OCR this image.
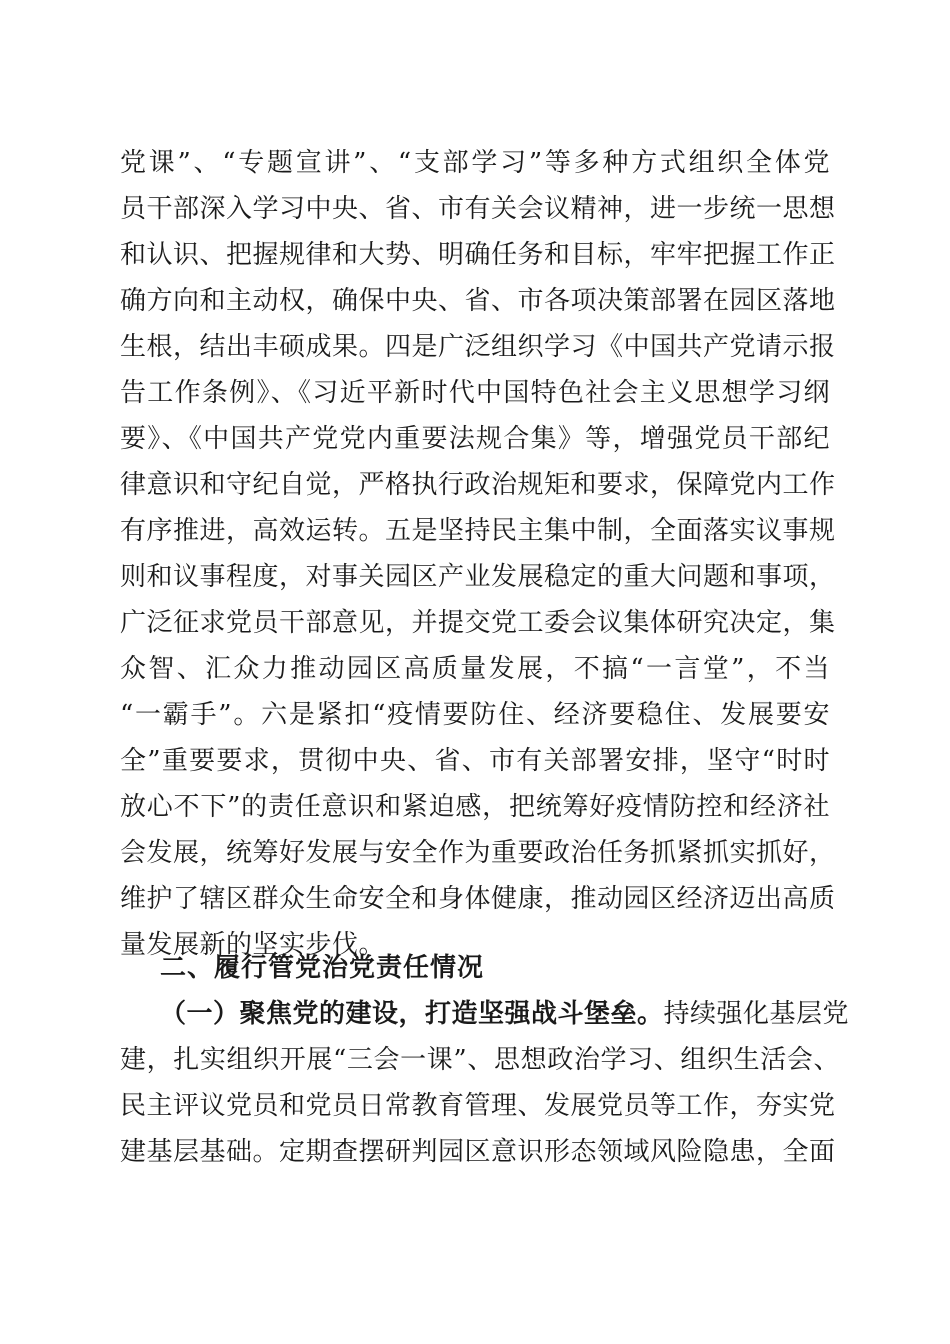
党课”、“专题宣讲”、“支部学习”等多种方式组织全体党
员干部深入学习中央、省、市有关会议精神，进一步统一思想
和认识、把握规律和大势、明确任务和目标，牢牢把握工作正
确方向和主动权，确保中央、省、市各项决策部署在园区落地
生根，结出丰硕成果。四是广泛组织学习《中国共产党请示报
告工作条例》、《习近平新时代中国特色社会主义思想学习纲
要》、《中国共产党党内重要法规合集》等，增强党员干部纪
律意识和守纪自觉，严格执行政治规矩和要求，保障党内工作
有序推进，高效运转。五是坚持民主集中制，全面落实议事规
则和议事程度，对事关园区产业发展稳定的重大问题和事项，
广泛征求党员干部意见，并提交党工委会议集体研究决定，集
众智、汇众力推动园区高质量发展，不搞“一言堂”，不当
“一霸手”。六是紧扣“疫情要防住、经济要稳住、发展要安
全”重要要求，贯彻中央、省、市有关部署安排，坚守“时时
放心不下”的责任意识和紧迫感，把统筹好疫情防控和经济社
会发展，统筹好发展与安全作为重要政治任务抓紧抓实抓好，
维护了辖区群众生命安全和身体健康，推动园区经济迈出高质
量发展新的坚实步伐。
二、履行管党治党责任情况
（一）聚焦党的建设，打造坚强战斗堡垒。持续强化基层党
建，扎实组织开展“三会一课”、思想政治学习、组织生活会、
民主评议党员和党员日常教育管理、发展党员等工作，夯实党
建基层基础。定期查摆研判园区意识形态领域风险隐患，全面
